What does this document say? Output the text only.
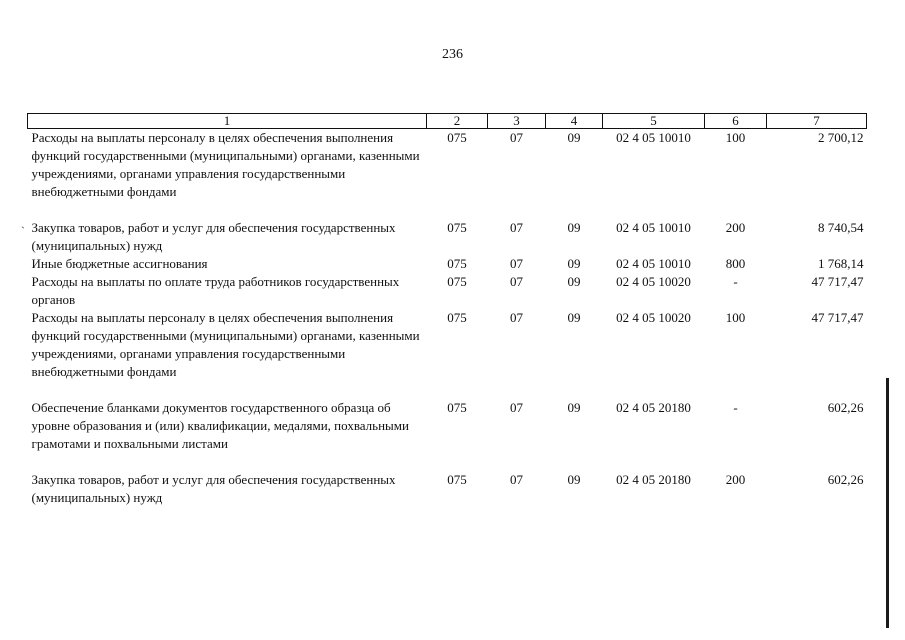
236
`
1	2	3	4	5	6	7
Расходы на выплаты персоналу в целях обеспечения выполнения функций государственными (муниципальными) органами, казенными учреждениями, органами управления государственными внебюджетными фондами	075	07	09	02 4 05 10010	100	2 700,12

Закупка товаров, работ и услуг для обеспечения государственных (муниципальных) нужд	075	07	09	02 4 05 10010	200	8 740,54
Иные бюджетные ассигнования	075	07	09	02 4 05 10010	800	1 768,14
Расходы на выплаты по оплате труда работников государственных органов	075	07	09	02 4 05 10020	-	47 717,47
Расходы на выплаты персоналу в целях обеспечения выполнения функций государственными (муниципальными) органами, казенными учреждениями, органами управления государственными внебюджетными фондами	075	07	09	02 4 05 10020	100	47 717,47

Обеспечение бланками документов государственного образца об уровне образования и (или) квалификации, медалями, похвальными грамотами и похвальными листами	075	07	09	02 4 05 20180	-	602,26

Закупка товаров, работ и услуг для обеспечения государственных (муниципальных) нужд	075	07	09	02 4 05 20180	200	602,26
